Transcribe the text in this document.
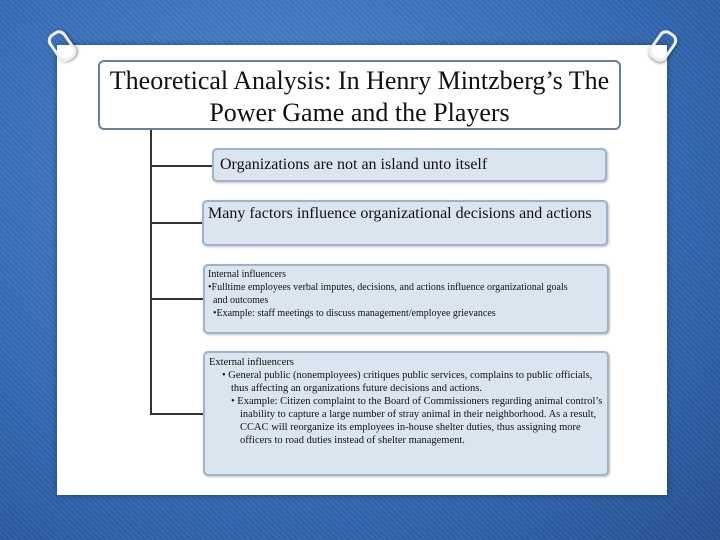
Theoretical Analysis: In Henry Mintzberg’s The Power Game and the Players
Organizations are not an island unto itself
Many factors influence organizational decisions and actions
Internal influencers
•Fulltime employees verbal imputes, decisions, and actions influence organizational goals
and outcomes
•Example: staff meetings to discuss management/employee grievances
External influencers
• General public (nonemployees) critiques public services, complains to public officials, thus affecting an organizations future decisions and actions.
• Example: Citizen complaint to the Board of Commissioners regarding animal control’s inability to capture a large number of stray animal in their neighborhood. As a result, CCAC will reorganize its employees in-house shelter duties, thus assigning more officers to road duties instead of shelter management.
